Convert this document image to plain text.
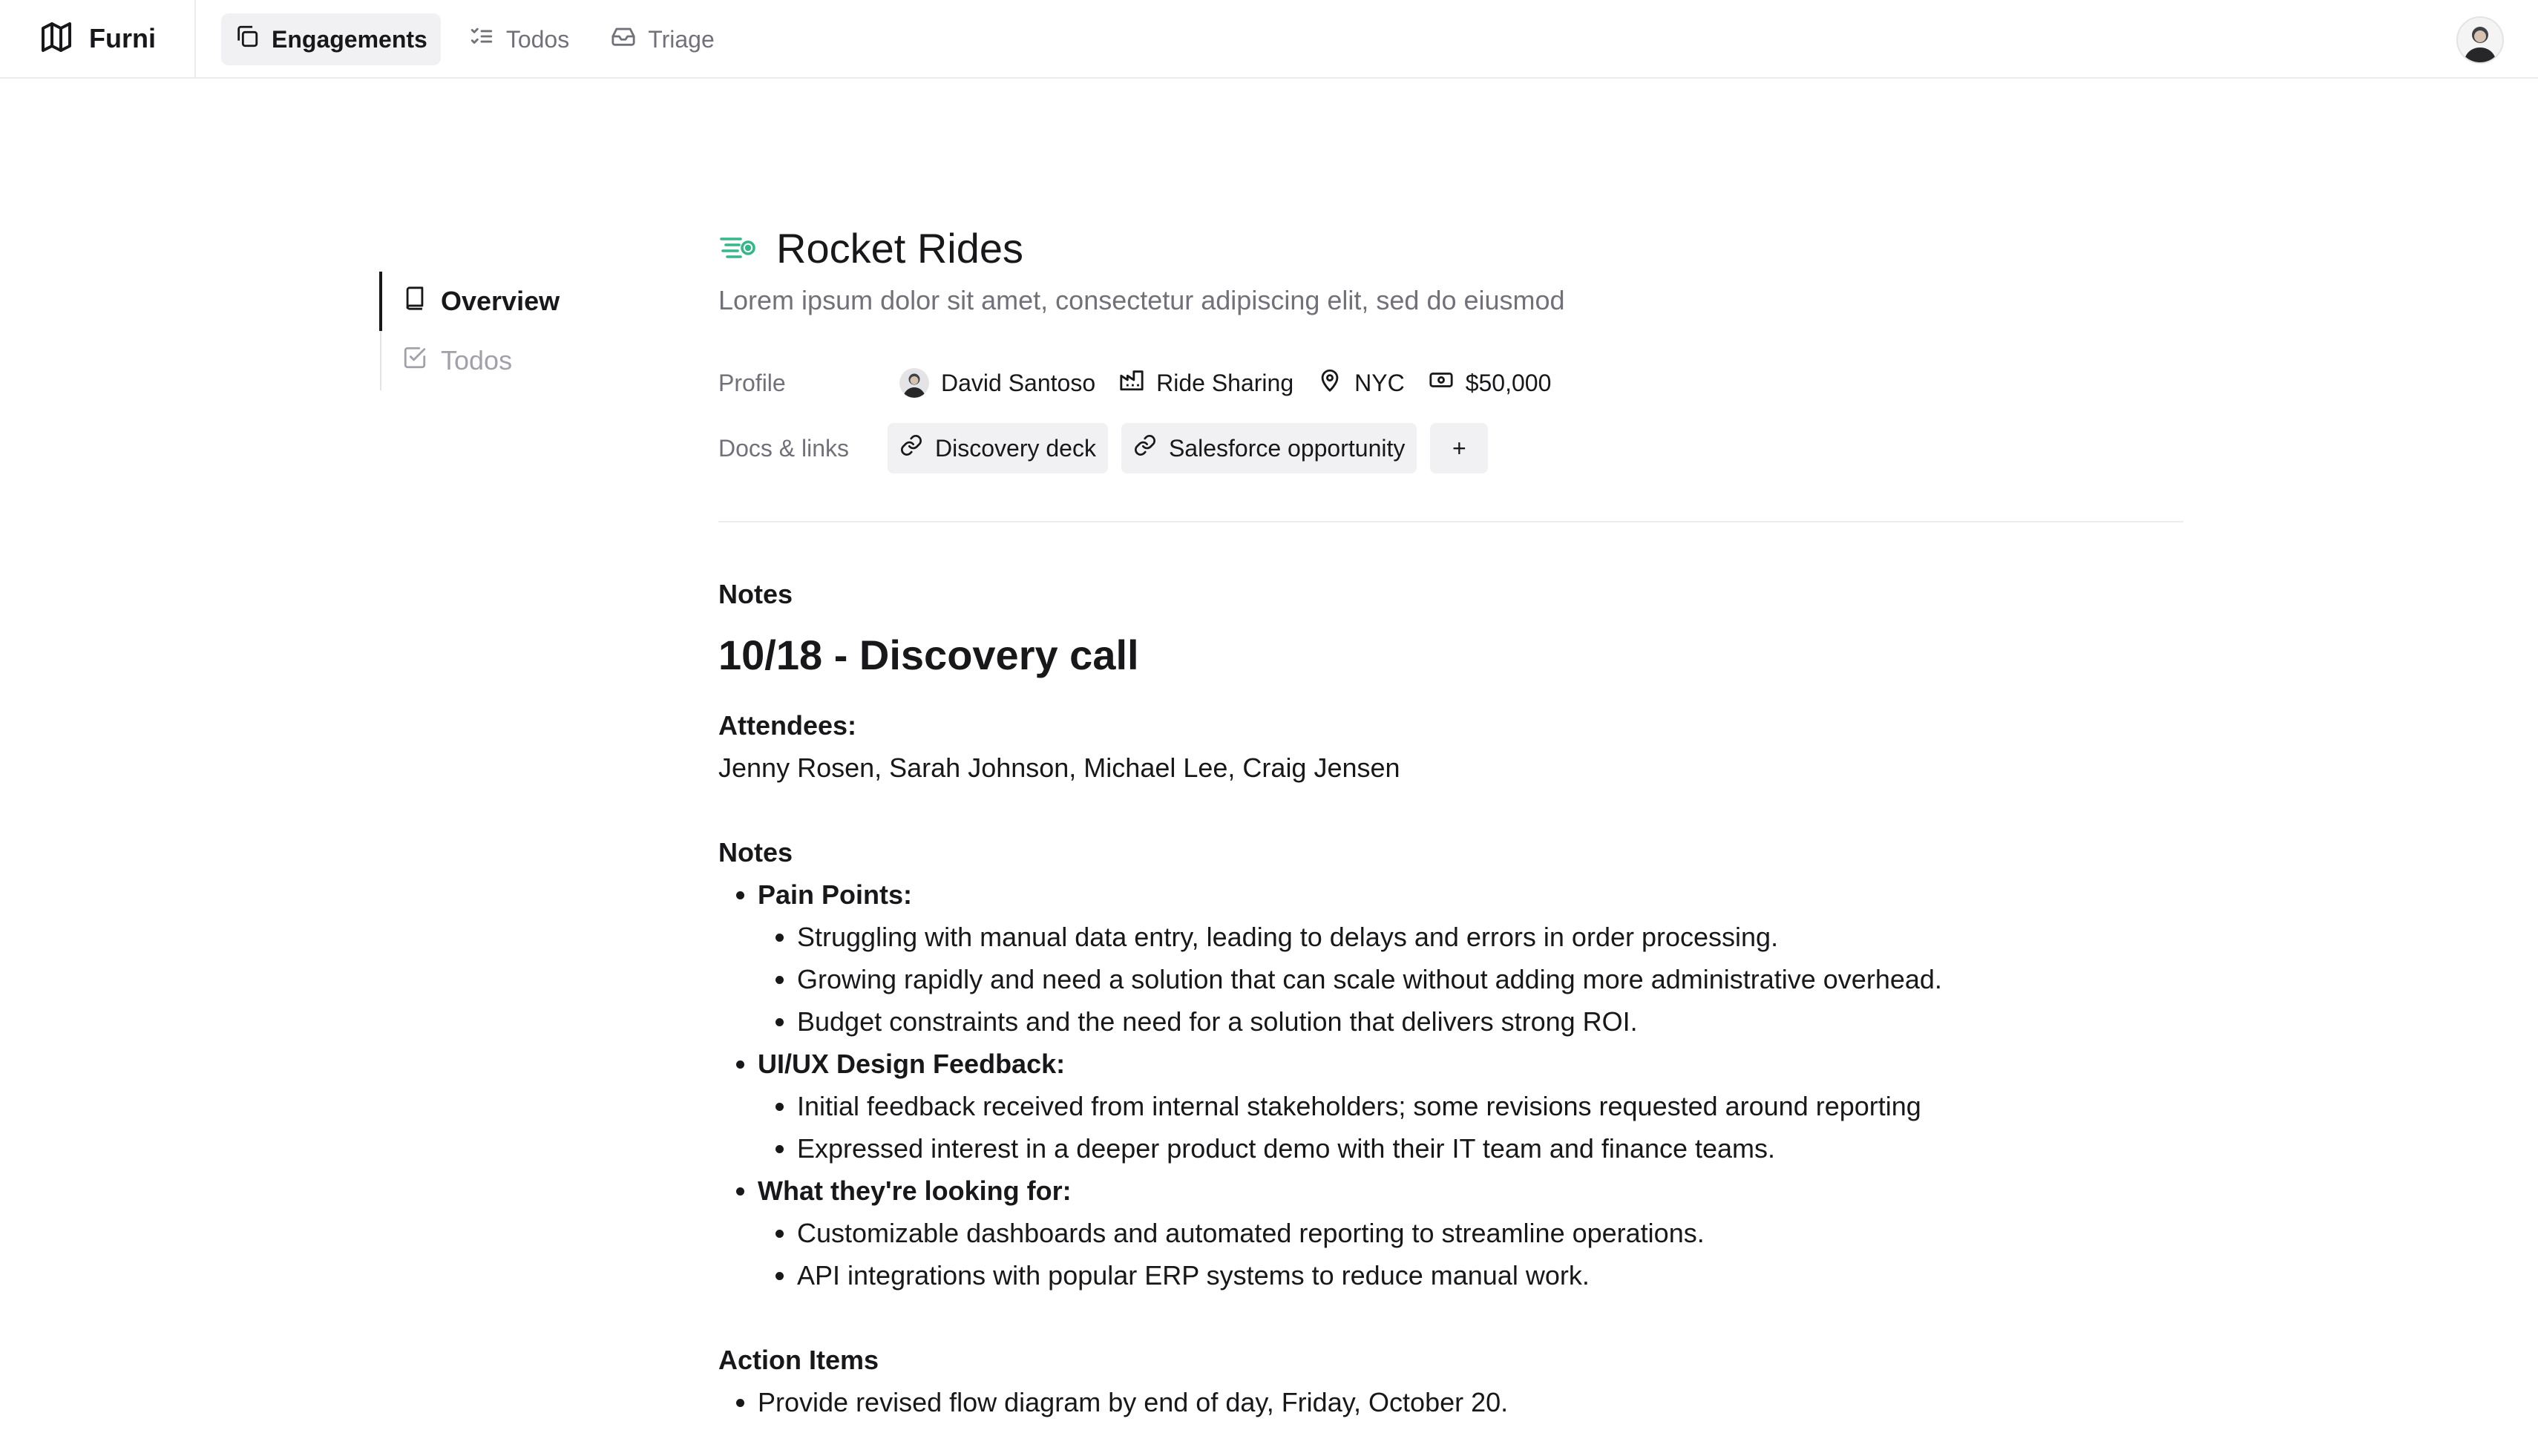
Furni	Engagements	Todos	Triage
Overview
Todos
Rocket Rides
Lorem ipsum dolor sit amet, consectetur adipiscing elit, sed do eiusmod
Profile	David Santoso	Ride Sharing	NYC	$50,000
Docs & links	Discovery deck	Salesforce opportunity	+
Notes
10/18 - Discovery call

Attendees:

Jenny Rosen, Sarah Johnson, Michael Lee, Craig Jensen

Notes

• Pain Points:
• Struggling with manual data entry, leading to delays and errors in order processing.
• Growing rapidly and need a solution that can scale without adding more administrative overhead.
• Budget constraints and the need for a solution that delivers strong ROI.
• UI/UX Design Feedback:
• Initial feedback received from internal stakeholders; some revisions requested around reporting
• Expressed interest in a deeper product demo with their IT team and finance teams.
• What they're looking for:
• Customizable dashboards and automated reporting to streamline operations.
• API integrations with popular ERP systems to reduce manual work.

Action Items

• Provide revised flow diagram by end of day, Friday, October 20.
